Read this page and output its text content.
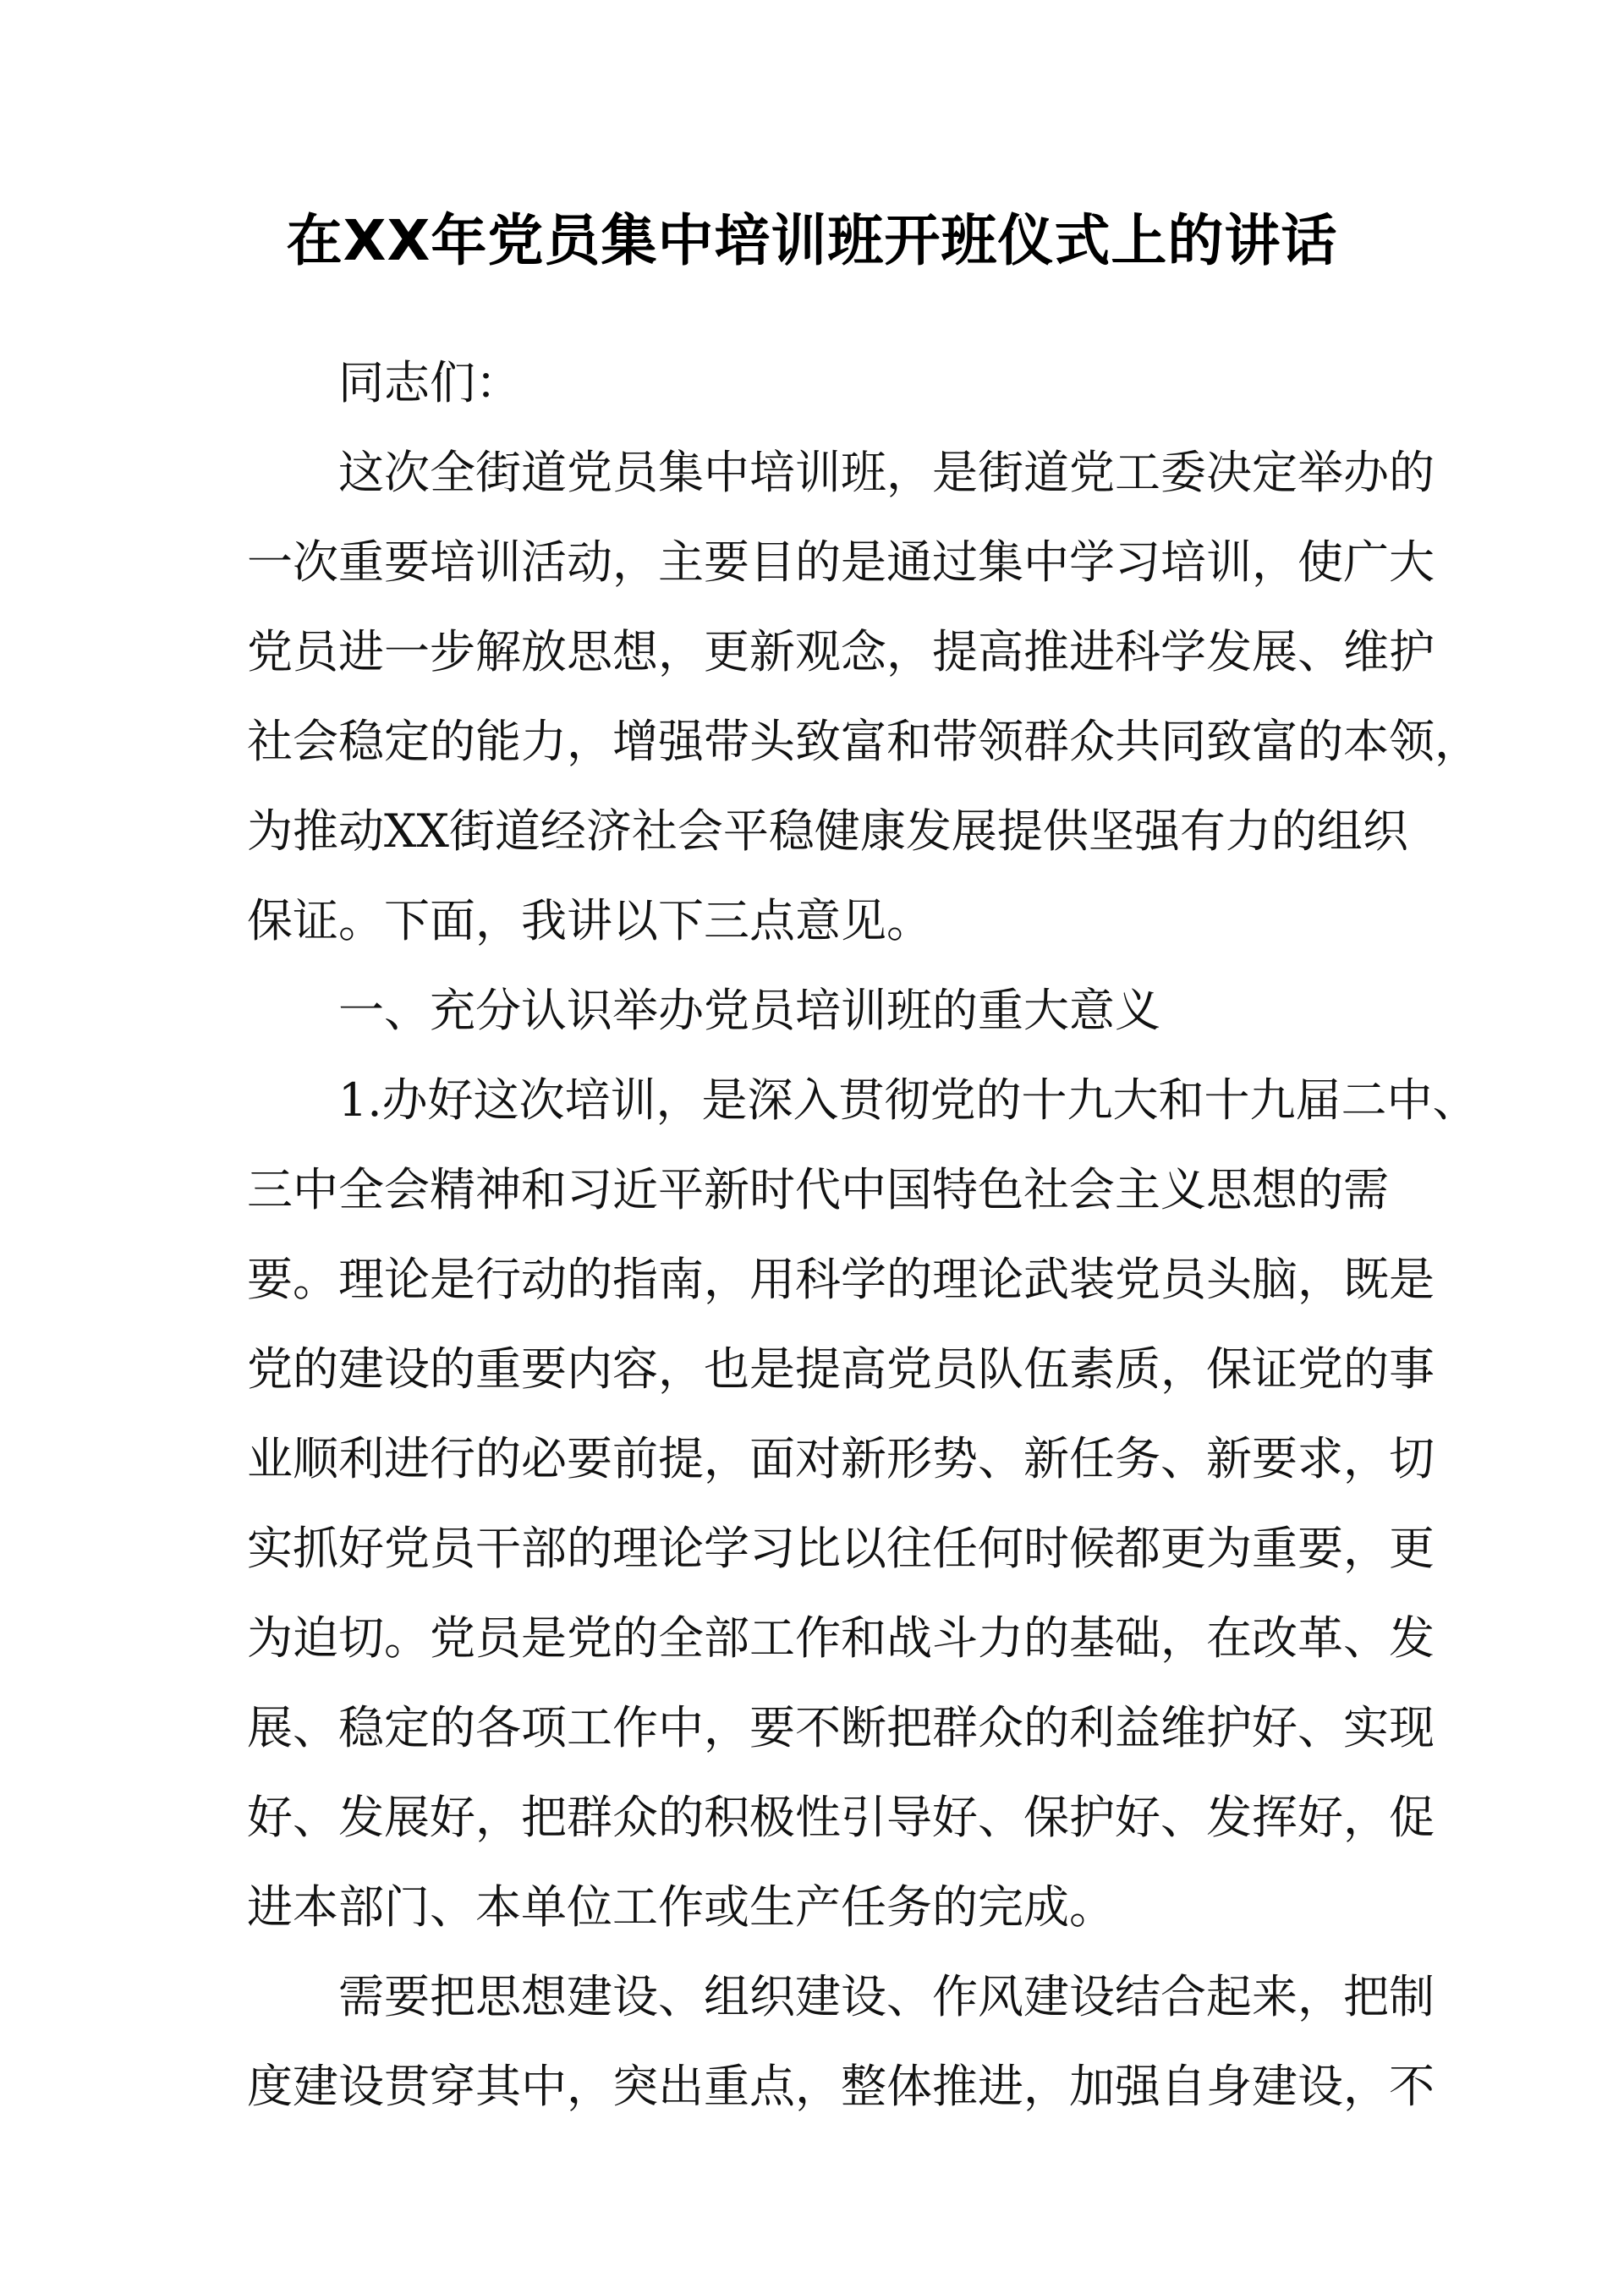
在XX年党员集中培训班开班仪式上的讲话
同志们：
这次全街道党员集中培训班，是街道党工委决定举办的
一次重要培训活动，主要目的是通过集中学习培训，使广大
党员进一步解放思想，更新观念，提高推进科学发展、维护
社会稳定的能力，增强带头致富和带领群众共同致富的本领，
为推动XX街道经济社会平稳健康发展提供坚强有力的组织
保证。下面，我讲以下三点意见。
一、充分认识举办党员培训班的重大意义
1.办好这次培训，是深入贯彻党的十九大和十九届二中、
三中全会精神和习近平新时代中国特色社会主义思想的需
要。理论是行动的指南，用科学的理论武装党员头脑，既是
党的建设的重要内容，也是提高党员队伍素质，保证党的事
业顺利进行的必要前提，面对新形势、新任务、新要求，切
实抓好党员干部的理论学习比以往任何时候都更为重要，更
为迫切。党员是党的全部工作和战斗力的基础，在改革、发
展、稳定的各项工作中，要不断把群众的利益维护好、实现
好、发展好，把群众的积极性引导好、保护好、发挥好，促
进本部门、本单位工作或生产任务的完成。
需要把思想建设、组织建设、作风建设结合起来，把制
度建设贯穿其中，突出重点，整体推进，加强自身建设，不
